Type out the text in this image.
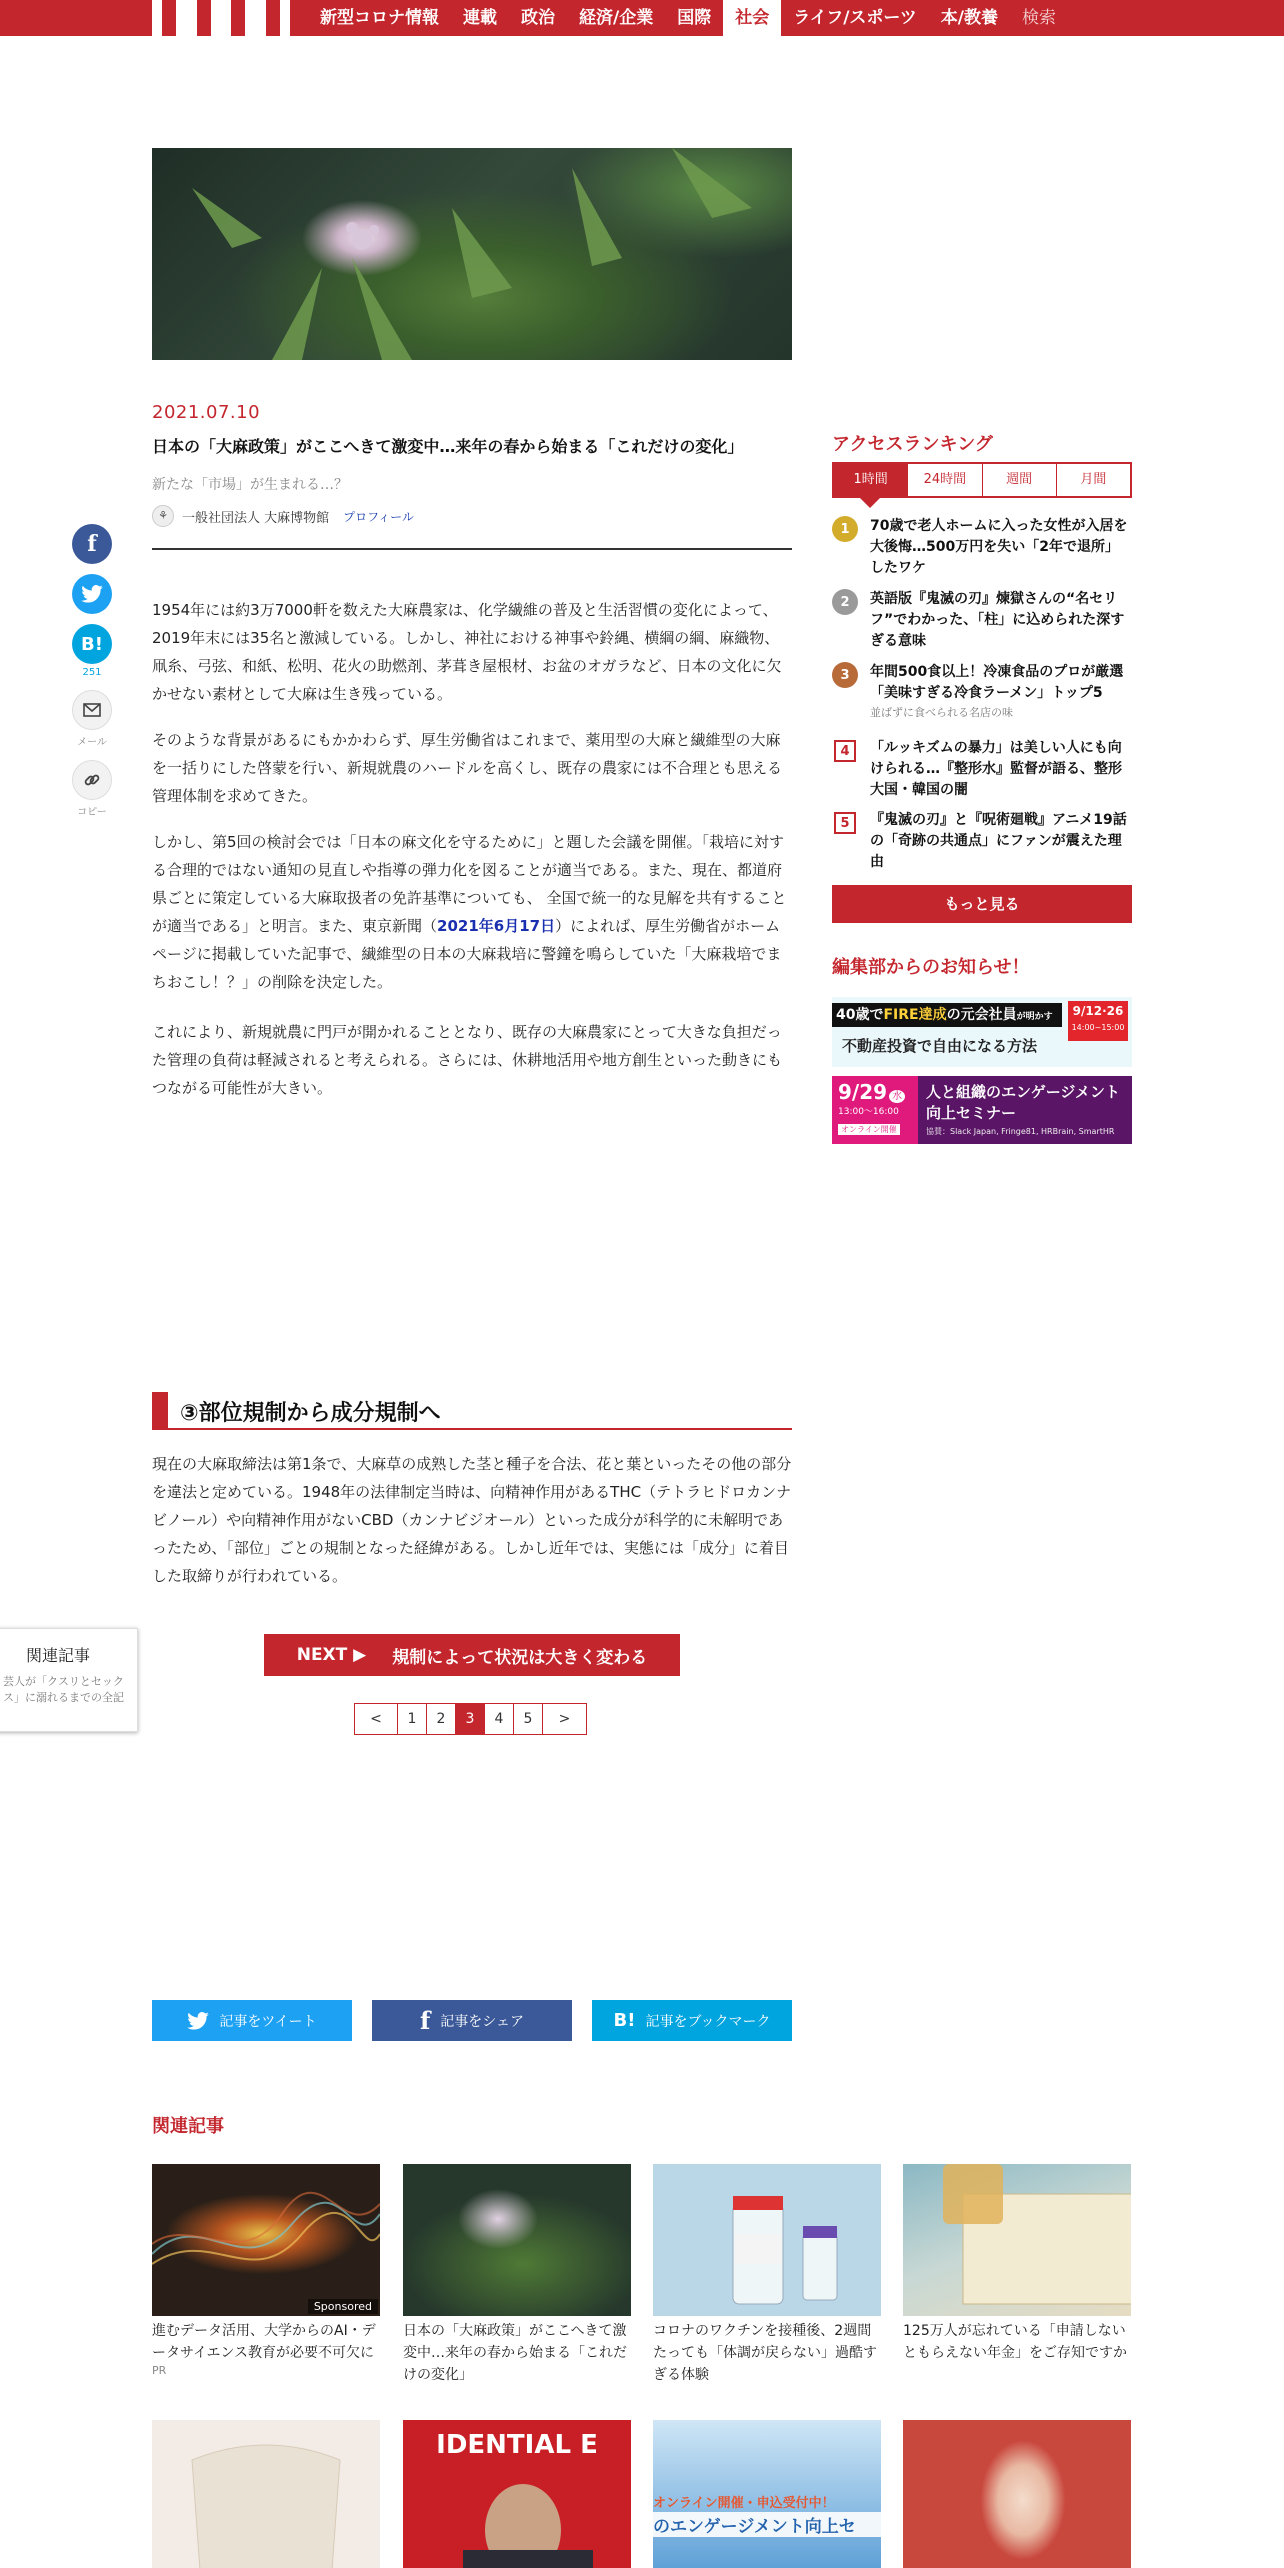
新型コロナ情報	連載	政治	経済/企業	国際	社会	ライフ/スポーツ	本/教養	検索
2021.07.10
日本の「大麻政策」がここへきて激変中…来年の春から始まる「これだけの変化」
新たな「市場」が生まれる…？
⚘	一般社団法人 大麻博物館 プロフィール

1954年には約3万7000軒を数えた大麻農家は、化学繊維の普及と生活習慣の変化によって、2019年末には35名と激減している。しかし、神社における神事や鈴縄、横綱の綱、麻織物、凧糸、弓弦、和紙、松明、花火の助燃剤、茅葺き屋根材、お盆のオガラなど、日本の文化に欠かせない素材として大麻は生き残っている。

そのような背景があるにもかかわらず、厚生労働省はこれまで、薬用型の大麻と繊維型の大麻を一括りにした啓蒙を行い、新規就農のハードルを高くし、既存の農家には不合理とも思える管理体制を求めてきた。

しかし、第5回の検討会では「日本の麻文化を守るために」と題した会議を開催。「栽培に対する合理的ではない通知の見直しや指導の弾力化を図ることが適当である。また、現在、都道府県ごとに策定している大麻取扱者の免許基準についても、 全国で統一的な見解を共有することが適当である」と明言。また、東京新聞（2021年6月17日）によれば、厚生労働省がホームページに掲載していた記事で、繊維型の日本の大麻栽培に警鐘を鳴らしていた「大麻栽培でまちおこし！？」の削除を決定した。

これにより、新規就農に門戸が開かれることとなり、既存の大麻農家にとって大きな負担だった管理の負荷は軽減されると考えられる。さらには、休耕地活用や地方創生といった動きにもつながる可能性が大きい。

③部位規制から成分規制へ

現在の大麻取締法は第1条で、大麻草の成熟した茎と種子を合法、花と葉といったその他の部分を違法と定めている。1948年の法律制定当時は、向精神作用があるTHC（テトラヒドロカンナビノール）や向精神作用がないCBD（カンナビジオール）といった成分が科学的に未解明であったため、「部位」ごとの規制となった経緯がある。しかし近年では、実態には「成分」に着目した取締りが行われている。

NEXT ▶ 規制によって状況は大きく変わる
<	1	2	3	4	5	>
f
B!
251
メール
コピー
関連記事
芸人が「クスリとセックス」に溺れるまでの全記
記事をツイート	f 記事をシェア	B! 記事をブックマーク
関連記事
Sponsored
進むデータ活用、大学からのAI・データサイエンス教育が必要不可欠に
PR
日本の「大麻政策」がここへきて激変中…来年の春から始まる「これだけの変化」
コロナのワクチンを接種後、2週間たっても「体調が戻らない」過酷すぎる体験
125万人が忘れている「申請しないともらえない年金」をご存知ですか
IDENTIAL E
オンライン開催・申込受付中！
のエンゲージメント向上セ
アクセスランキング
1時間	24時間	週間	月間
1	70歳で老人ホームに入った女性が入居を大後悔…500万円を失い「2年で退所」したワケ
2	英語版『鬼滅の刃』煉獄さんの“名セリフ”でわかった、「柱」に込められた深すぎる意味
3	年間500食以上！冷凍食品のプロが厳選「美味すぎる冷食ラーメン」トップ5
並ばずに食べられる名店の味
4	「ルッキズムの暴力」は美しい人にも向けられる…『整形水』監督が語る、整形大国・韓国の闇
5	『鬼滅の刃』と『呪術廻戦』アニメ19話の「奇跡の共通点」にファンが震えた理由
もっと見る
編集部からのお知らせ！
40歳でFIRE達成の元会社員が明かす
不動産投資で自由になる方法
9/12·26
14:00~15:00
9/29 水
13:00〜16:00
オンライン開催
人と組織のエンゲージメント
向上セミナー
協賛：Slack Japan, Fringe81, HRBrain, SmartHR
